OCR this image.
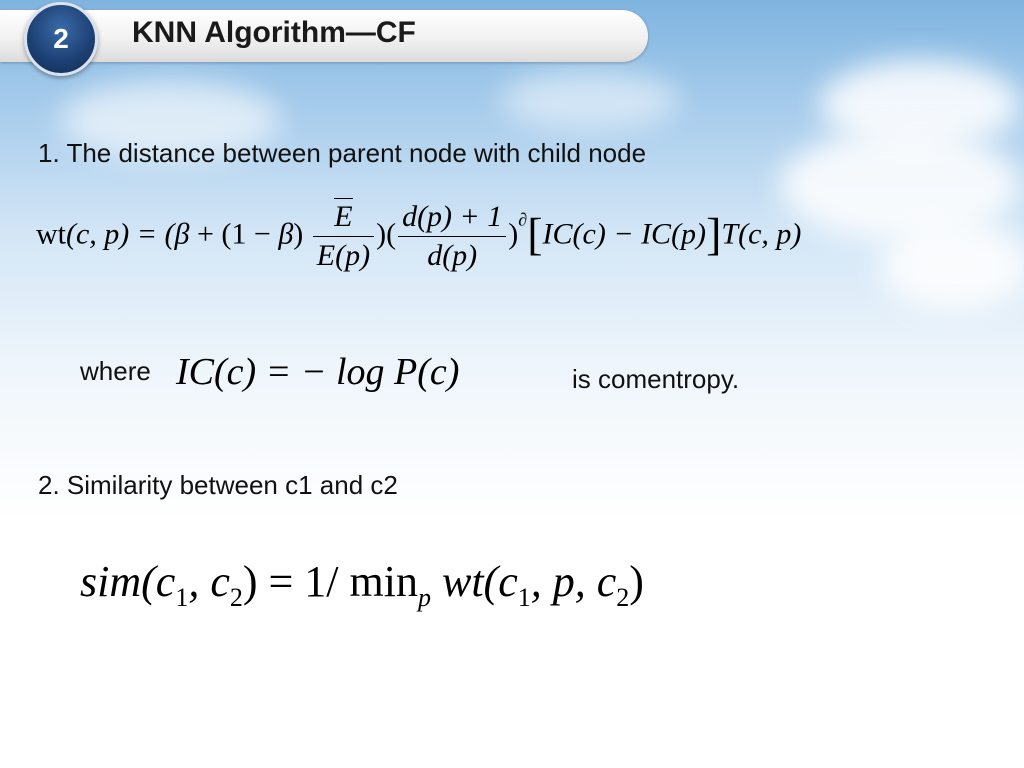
2	KNN Algorithm—CF
1. The distance between parent node with child node
wt(c, $p) = (\beta + (1 - \beta) \frac{E}{E(p)}$ )( $\frac{d(p) + 1}{d(p)} )^\partial[IC(c) - IC(p)]T(c$, p)
where IC(c) = − log P(c)	is comentropy.
2. Similarity between c1 and c2
$sim(c_1$, $c_2) = 1/$ $\min_p wt(c_1$, p, $c_2$)
